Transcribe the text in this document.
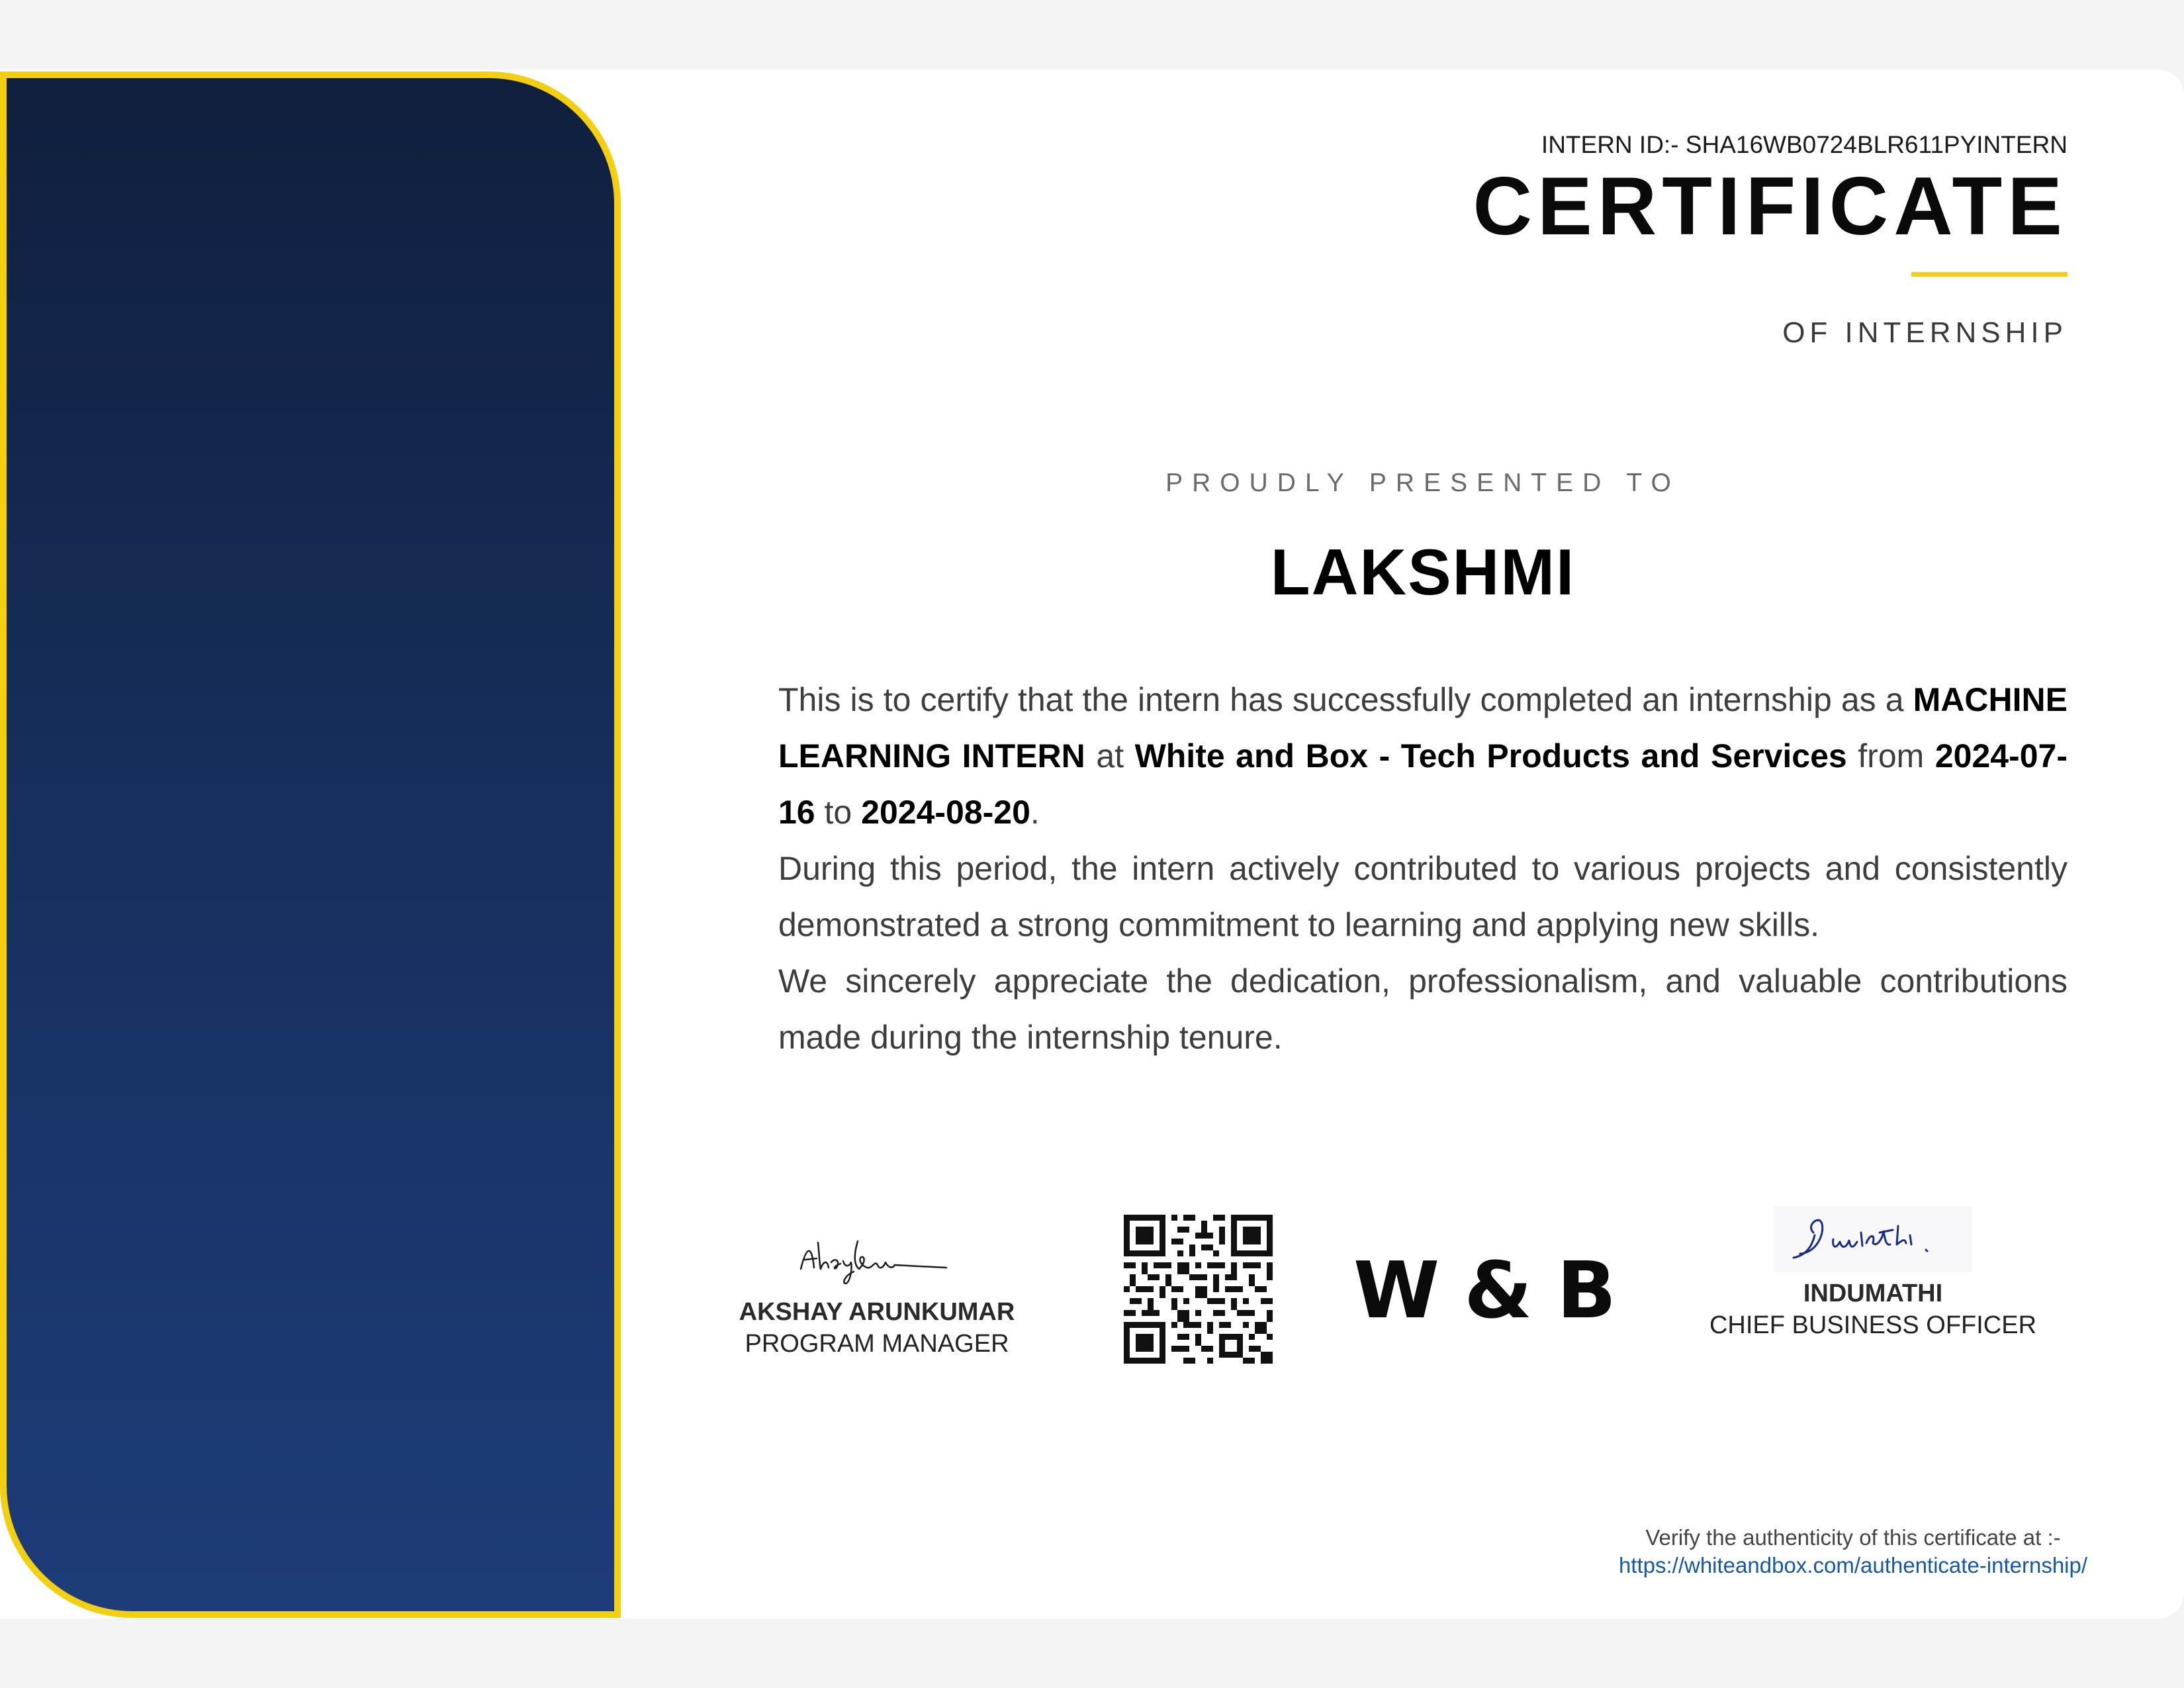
INTERN ID:- SHA16WB0724BLR611PYINTERN
CERTIFICATE
OF INTERNSHIP
PROUDLY PRESENTED TO
LAKSHMI

This is to certify that the intern has successfully completed an internship as a MACHINE LEARNING INTERN at White and Box - Tech Products and Services from 2024-07-16 to 2024-08-20.

During this period, the intern actively contributed to various projects and consistently demonstrated a strong commitment to learning and applying new skills.

We sincerely appreciate the dedication, professionalism, and valuable contributions made during the internship tenure.

AKSHAY ARUNKUMAR
PROGRAM MANAGER
W & B	INDUMATHI
CHIEF BUSINESS OFFICER
Verify the authenticity of this certificate at :-
https://whiteandbox.com/authenticate-internship/
